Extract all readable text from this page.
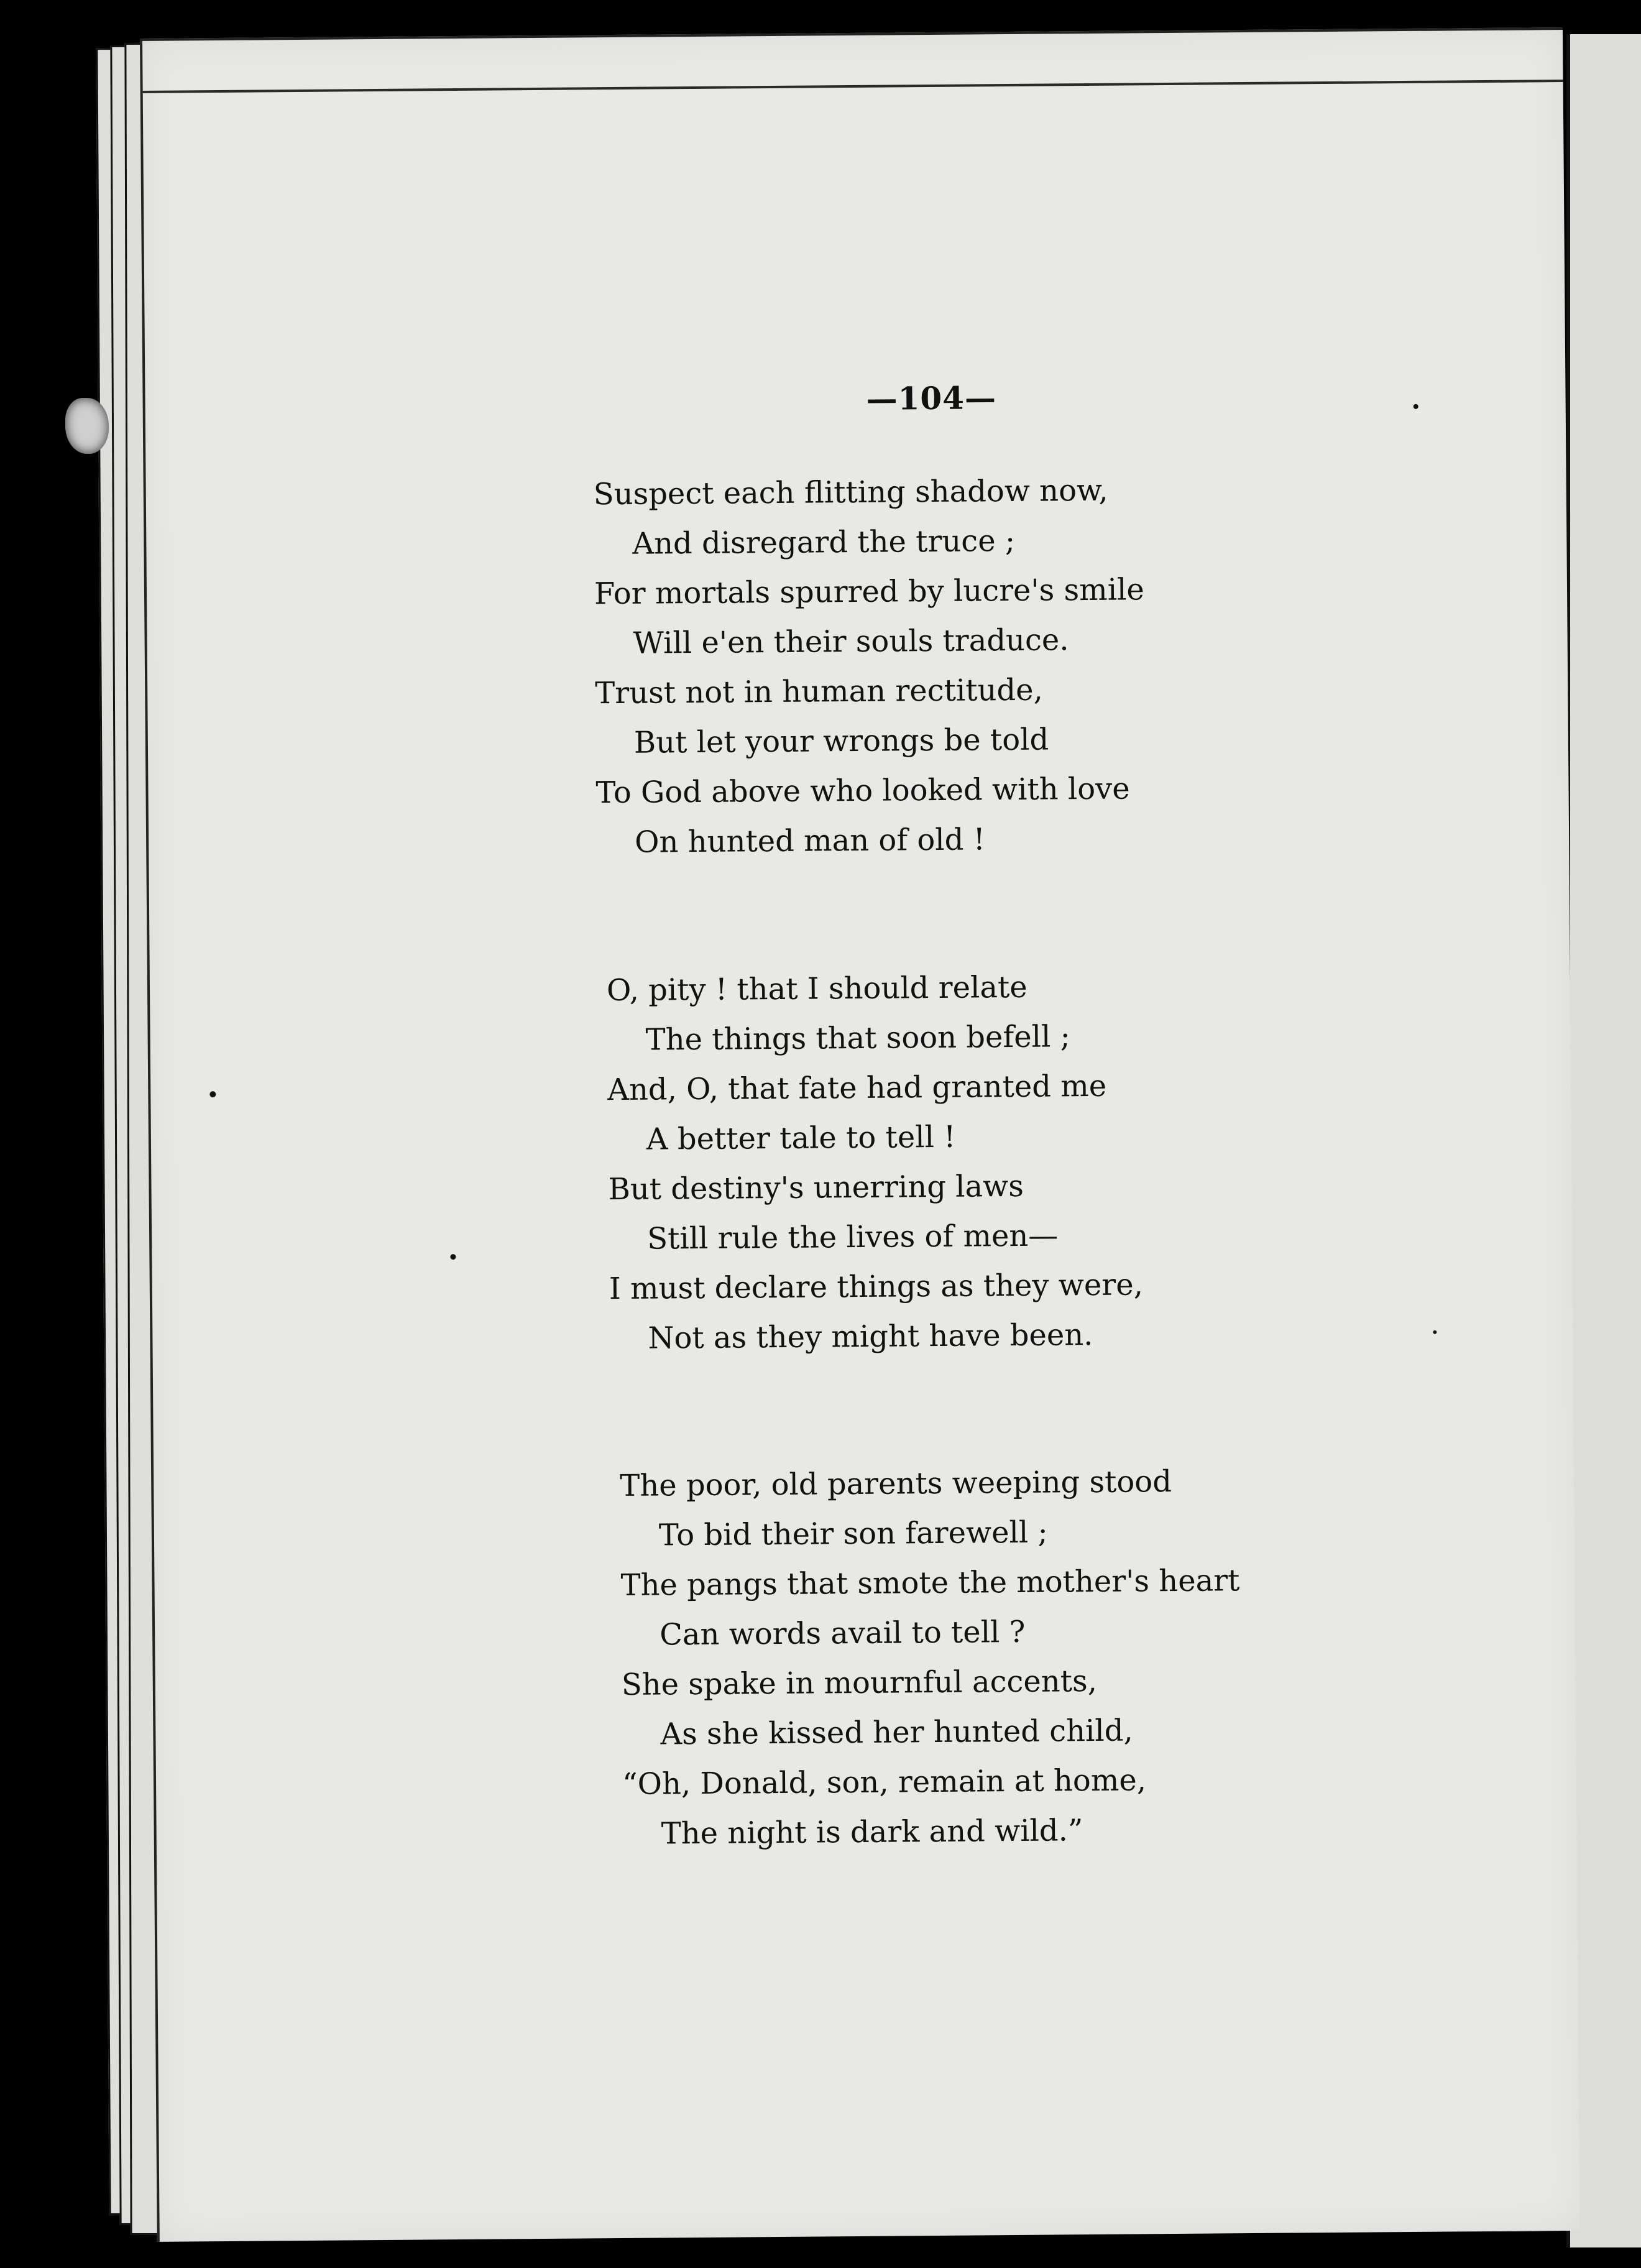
—104—
Suspect each flitting shadow now,
And disregard the truce ;
For mortals spurred by lucre's smile
Will e'en their souls traduce.
Trust not in human rectitude,
But let your wrongs be told
To God above who looked with love
On hunted man of old !
O, pity ! that I should relate
The things that soon befell ;
And, O, that fate had granted me
A better tale to tell !
But destiny's unerring laws
Still rule the lives of men—
I must declare things as they were,
Not as they might have been.
The poor, old parents weeping stood
To bid their son farewell ;
The pangs that smote the mother's heart
Can words avail to tell ?
She spake in mournful accents,
As she kissed her hunted child,
“Oh, Donald, son, remain at home,
The night is dark and wild.”
